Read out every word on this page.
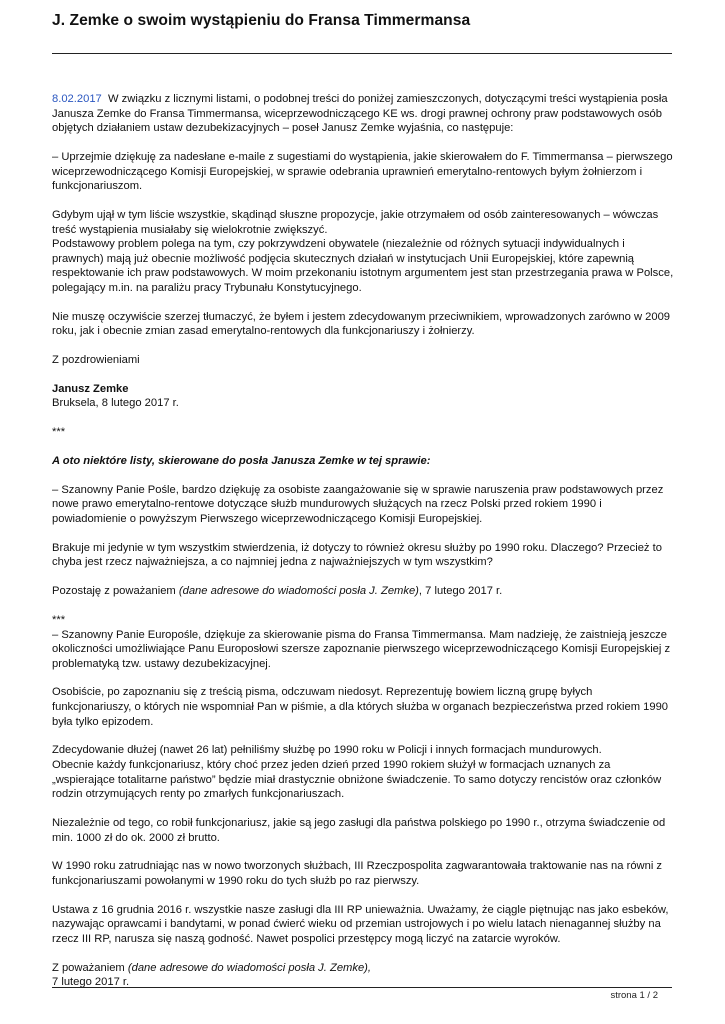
J. Zemke o swoim wystąpieniu do Fransa Timmermansa

8.02.2017 W związku z licznymi listami, o podobnej treści do poniżej zamieszczonych, dotyczącymi treści wystąpienia posła Janusza Zemke do Fransa Timmermansa, wiceprzewodniczącego KE ws. drogi prawnej ochrony praw podstawowych osób objętych działaniem ustaw dezubekizacyjnych – poseł Janusz Zemke wyjaśnia, co następuje:

– Uprzejmie dziękuję za nadesłane e-maile z sugestiami do wystąpienia, jakie skierowałem do F. Timmermansa – pierwszego wiceprzewodniczącego Komisji Europejskiej, w sprawie odebrania uprawnień emerytalno-rentowych byłym żołnierzom i funkcjonariuszom.

Gdybym ujął w tym liście wszystkie, skądinąd słuszne propozycje, jakie otrzymałem od osób zainteresowanych – wówczas treść wystąpienia musiałaby się wielokrotnie zwiększyć.

Podstawowy problem polega na tym, czy pokrzywdzeni obywatele (niezależnie od różnych sytuacji indywidualnych i prawnych) mają już obecnie możliwość podjęcia skutecznych działań w instytucjach Unii Europejskiej, które zapewnią respektowanie ich praw podstawowych. W moim przekonaniu istotnym argumentem jest stan przestrzegania prawa w Polsce, polegający m.in. na paraliżu pracy Trybunału Konstytucyjnego.

Nie muszę oczywiście szerzej tłumaczyć, że byłem i jestem zdecydowanym przeciwnikiem, wprowadzonych zarówno w 2009 roku, jak i obecnie zmian zasad emerytalno-rentowych dla funkcjonariuszy i żołnierzy.

Z pozdrowieniami

Janusz Zemke

Bruksela, 8 lutego 2017 r.

***

A oto niektóre listy, skierowane do posła Janusza Zemke w tej sprawie:

– Szanowny Panie Pośle, bardzo dziękuję za osobiste zaangażowanie się w sprawie naruszenia praw podstawowych przez nowe prawo emerytalno-rentowe dotyczące służb mundurowych służących na rzecz Polski przed rokiem 1990 i powiadomienie o powyższym Pierwszego wiceprzewodniczącego Komisji Europejskiej.

Brakuje mi jedynie w tym wszystkim stwierdzenia, iż dotyczy to również okresu służby po 1990 roku. Dlaczego? Przecież to chyba jest rzecz najważniejsza, a co najmniej jedna z najważniejszych w tym wszystkim?

Pozostaję z poważaniem (dane adresowe do wiadomości posła J. Zemke), 7 lutego 2017 r.

***

– Szanowny Panie Europośle, dziękuje za skierowanie pisma do Fransa Timmermansa. Mam nadzieję, że zaistnieją jeszcze okoliczności umożliwiające Panu Europosłowi szersze zapoznanie pierwszego wiceprzewodniczącego Komisji Europejskiej z problematyką tzw. ustawy dezubekizacyjnej.

Osobiście, po zapoznaniu się z treścią pisma, odczuwam niedosyt. Reprezentuję bowiem liczną grupę byłych funkcjonariuszy, o których nie wspomniał Pan w piśmie, a dla których służba w organach bezpieczeństwa przed rokiem 1990 była tylko epizodem.

Zdecydowanie dłużej (nawet 26 lat) pełniliśmy służbę po 1990 roku w Policji i innych formacjach mundurowych.

Obecnie każdy funkcjonariusz, który choć przez jeden dzień przed 1990 rokiem służył w formacjach uznanych za „wspierające totalitarne państwo” będzie miał drastycznie obniżone świadczenie. To samo dotyczy rencistów oraz członków rodzin otrzymujących renty po zmarłych funkcjonariuszach.

Niezależnie od tego, co robił funkcjonariusz, jakie są jego zasługi dla państwa polskiego po 1990 r., otrzyma świadczenie od min. 1000 zł do ok. 2000 zł brutto.

W 1990 roku zatrudniając nas w nowo tworzonych służbach, III Rzeczpospolita zagwarantowała traktowanie nas na równi z funkcjonariuszami powołanymi w 1990 roku do tych służb po raz pierwszy.

Ustawa z 16 grudnia 2016 r. wszystkie nasze zasługi dla III RP unieważnia. Uważamy, że ciągle piętnując nas jako esbeków, nazywając oprawcami i bandytami, w ponad ćwierć wieku od przemian ustrojowych i po wielu latach nienagannej służby na rzecz III RP, narusza się naszą godność. Nawet pospolici przestępcy mogą liczyć na zatarcie wyroków.

Z poważaniem (dane adresowe do wiadomości posła J. Zemke),

7 lutego 2017 r.

strona 1 / 2
